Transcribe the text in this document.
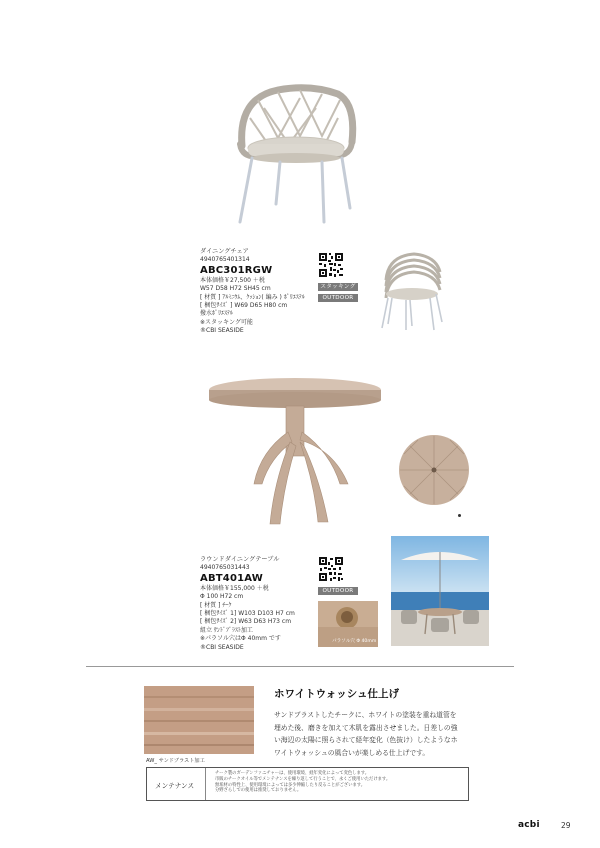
ダイニングチェア
4940765401314
ABC301RGW
本体価格￥27,500 ＋税
W57 D58 H72 SH45 cm
[ 材質 ] ｱﾙﾐﾆｳﾑ、ｸｯｼｮﾝ( 編み ) ﾎﾟﾘｴｽﾃﾙ
[ 梱包ｻｲｽﾞ ] W69 D65 H80 cm
撥水ﾎﾟﾘｴｽﾃﾙ
※スタッキング可能
®CBI SEASIDE
スタッキング
OUTDOOR
ラウンドダイニングテーブル
4940765031443
ABT401AW
本体価格￥155,000 ＋税
Φ 100 H72 cm
[ 材質 ] ﾁｰｸ
[ 梱包ｻｲｽﾞ 1] W103 D103 H7 cm
[ 梱包ｻｲｽﾞ 2] W63 D63 H73 cm
組立 ｻﾝﾄﾞﾌﾞﾗｽﾄ加工
※パラソル穴はΦ 40mm です
®CBI SEASIDE
OUTDOOR
パラソル穴 Φ 40mm
AW_ サンドブラスト加工
ホワイトウォッシュ仕上げ
サンドブラストしたチークに、ホワイトの塗装を重ね道管を
埋めた後、磨きを加えて木肌を露出させました。日差しの強
い海辺の太陽に照らされて経年変化（色抜け）したようなホ
ワイトウォッシュの風合いが楽しめる仕上げです。
メンテナンス
チーク製のガーデンファニチャーは、使用環境、経年変化によって変色します。
市販のチークオイル等でメンテナンスを繰り返して行うことで、永くご使用いただけます。
無垢材の特性上、使用環境によっては多少伸縮したり反ることがございます。
分野ざらしでの使用は推奨しておりません。
acbi	29
